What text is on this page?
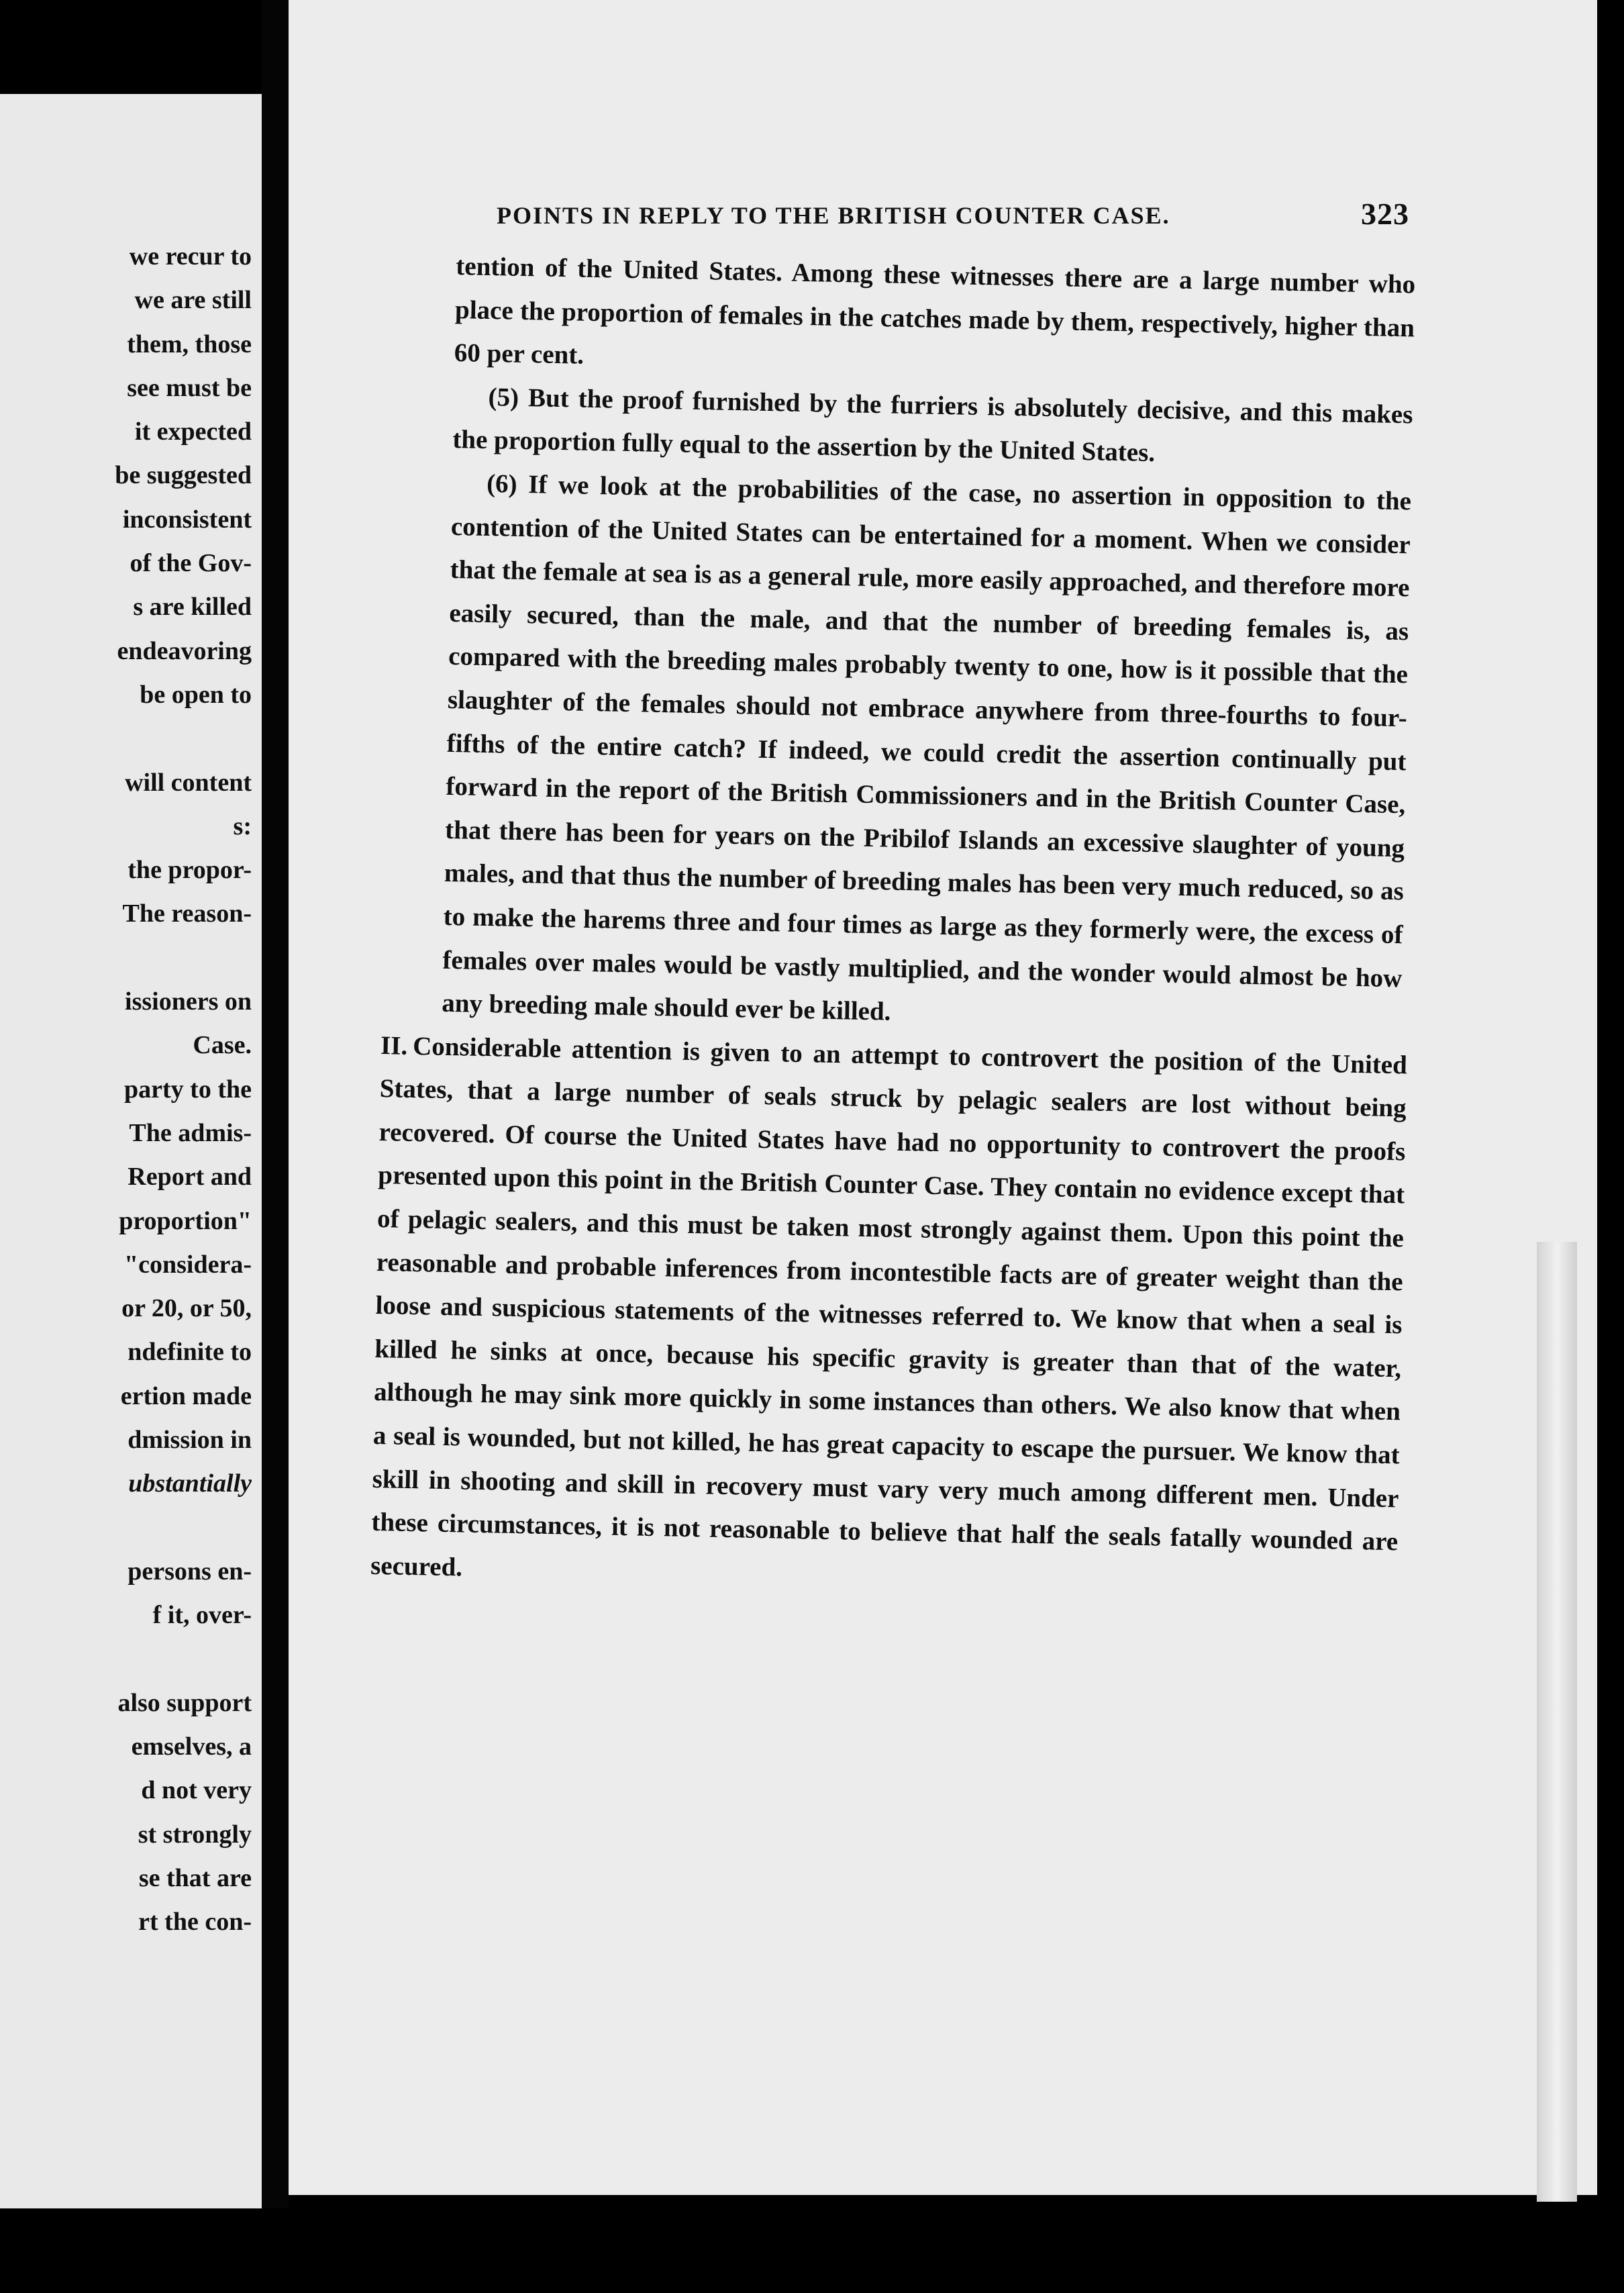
we recur to
we are still
them, those
see must be
it expected
be suggested
inconsistent
of the Gov-
s are killed
endeavoring
be open to
will content
s:
the propor-
The reason-
issioners on
Case.
party to the
The admis-
Report and
proportion"
"considera-
or 20, or 50,
ndefinite to
ertion made
dmission in
ubstantially
persons en-
f it, over-
also support
emselves, a
d not very
st strongly
se that are
rt the con-
POINTS IN REPLY TO THE BRITISH COUNTER CASE.	323

tention of the United States. Among these witnesses there are a large number who place the proportion of females in the catches made by them, respectively, higher than 60 per cent.

(5) But the proof furnished by the furriers is absolutely decisive, and this makes the proportion fully equal to the assertion by the United States.

(6) If we look at the probabilities of the case, no assertion in opposition to the contention of the United States can be entertained for a moment. When we consider that the female at sea is as a general rule, more easily approached, and therefore more easily secured, than the male, and that the number of breeding females is, as compared with the breeding males probably twenty to one, how is it possible that the slaughter of the females should not embrace anywhere from three-fourths to four-fifths of the entire catch? If indeed, we could credit the assertion continually put forward in the report of the British Commissioners and in the British Counter Case, that there has been for years on the Pribilof Islands an excessive slaughter of young males, and that thus the number of breeding males has been very much reduced, so as to make the harems three and four times as large as they formerly were, the excess of females over males would be vastly multiplied, and the wonder would almost be how any breeding male should ever be killed.

II. Considerable attention is given to an attempt to controvert the position of the United States, that a large number of seals struck by pelagic sealers are lost without being recovered. Of course the United States have had no opportunity to controvert the proofs presented upon this point in the British Counter Case. They contain no evidence except that of pelagic sealers, and this must be taken most strongly against them. Upon this point the reasonable and probable inferences from incontestible facts are of greater weight than the loose and suspicious statements of the witnesses referred to. We know that when a seal is killed he sinks at once, because his specific gravity is greater than that of the water, although he may sink more quickly in some instances than others. We also know that when a seal is wounded, but not killed, he has great capacity to escape the pursuer. We know that skill in shooting and skill in recovery must vary very much among different men. Under these circumstances, it is not reasonable to believe that half the seals fatally wounded are secured.
